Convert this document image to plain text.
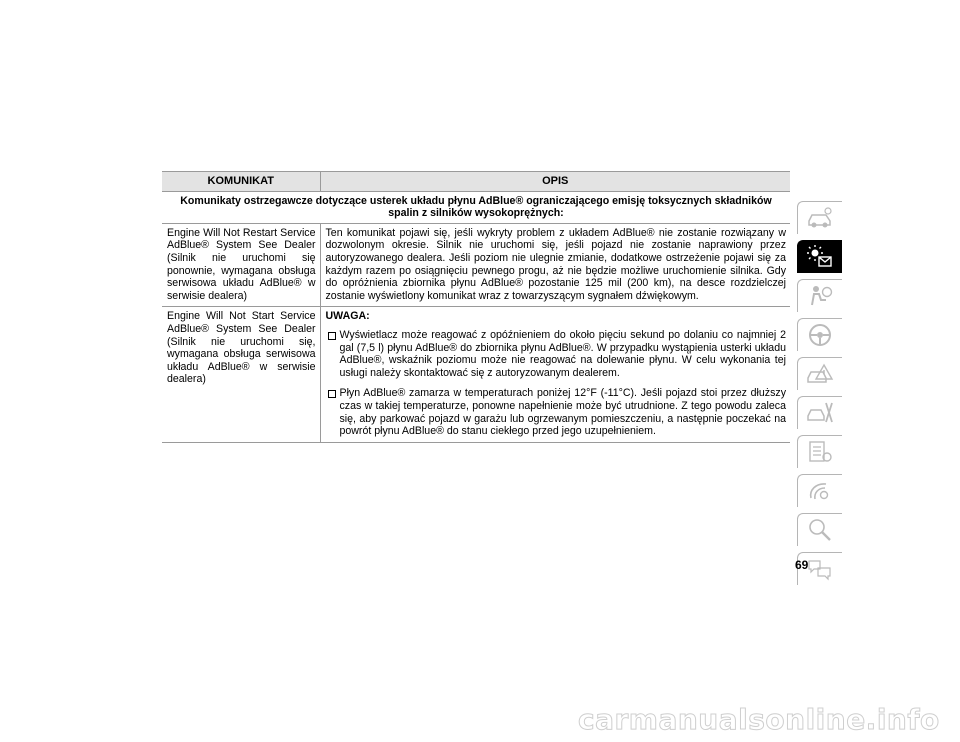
KOMUNIKAT	OPIS
Komunikaty ostrzegawcze dotyczące usterek układu płynu AdBlue® ograniczającego emisję toksycznych składników spalin z silników wysokoprężnych:	
Engine Will Not Restart Service AdBlue® System See Dealer (Silnik nie uruchomi się ponownie, wymagana obsługa serwisowa układu AdBlue® w serwisie dealera)	Ten komunikat pojawi się, jeśli wykryty problem z układem AdBlue® nie zostanie rozwiązany w dozwolonym okresie. Silnik nie uruchomi się, jeśli pojazd nie zostanie naprawiony przez autoryzowanego dealera. Jeśli poziom nie ulegnie zmianie, dodatkowe ostrzeżenie pojawi się za każdym razem po osiągnięciu pewnego progu, aż nie będzie możliwe uruchomienie silnika. Gdy do opróżnienia zbiornika płynu AdBlue® pozostanie 125 mil (200 km), na desce rozdzielczej zostanie wyświetlony komunikat wraz z towarzyszącym sygnałem dźwiękowym.
Engine Will Not Start Service AdBlue® System See Dealer (Silnik nie uruchomi się, wymagana obsługa serwisowa układu AdBlue® w serwisie dealera)	UWAGA:
Wyświetlacz może reagować z opóźnieniem do około pięciu sekund po dolaniu co najmniej 2 gal (7,5 l) płynu AdBlue® do zbiornika płynu AdBlue®. W przypadku wystąpienia usterki układu AdBlue®, wskaźnik poziomu może nie reagować na dolewanie płynu. W celu wykonania tej usługi należy skontaktować się z autoryzowanym dealerem.
Płyn AdBlue® zamarza w temperaturach poniżej 12°F (-11°C). Jeśli pojazd stoi przez dłuższy czas w takiej temperaturze, ponowne napełnienie może być utrudnione. Z tego powodu zaleca się, aby parkować pojazd w garażu lub ogrzewanym pomieszczeniu, a następnie poczekać na powrót płynu AdBlue® do stanu ciekłego przed jego uzupełnieniem.
69
carmanualsonline.info
